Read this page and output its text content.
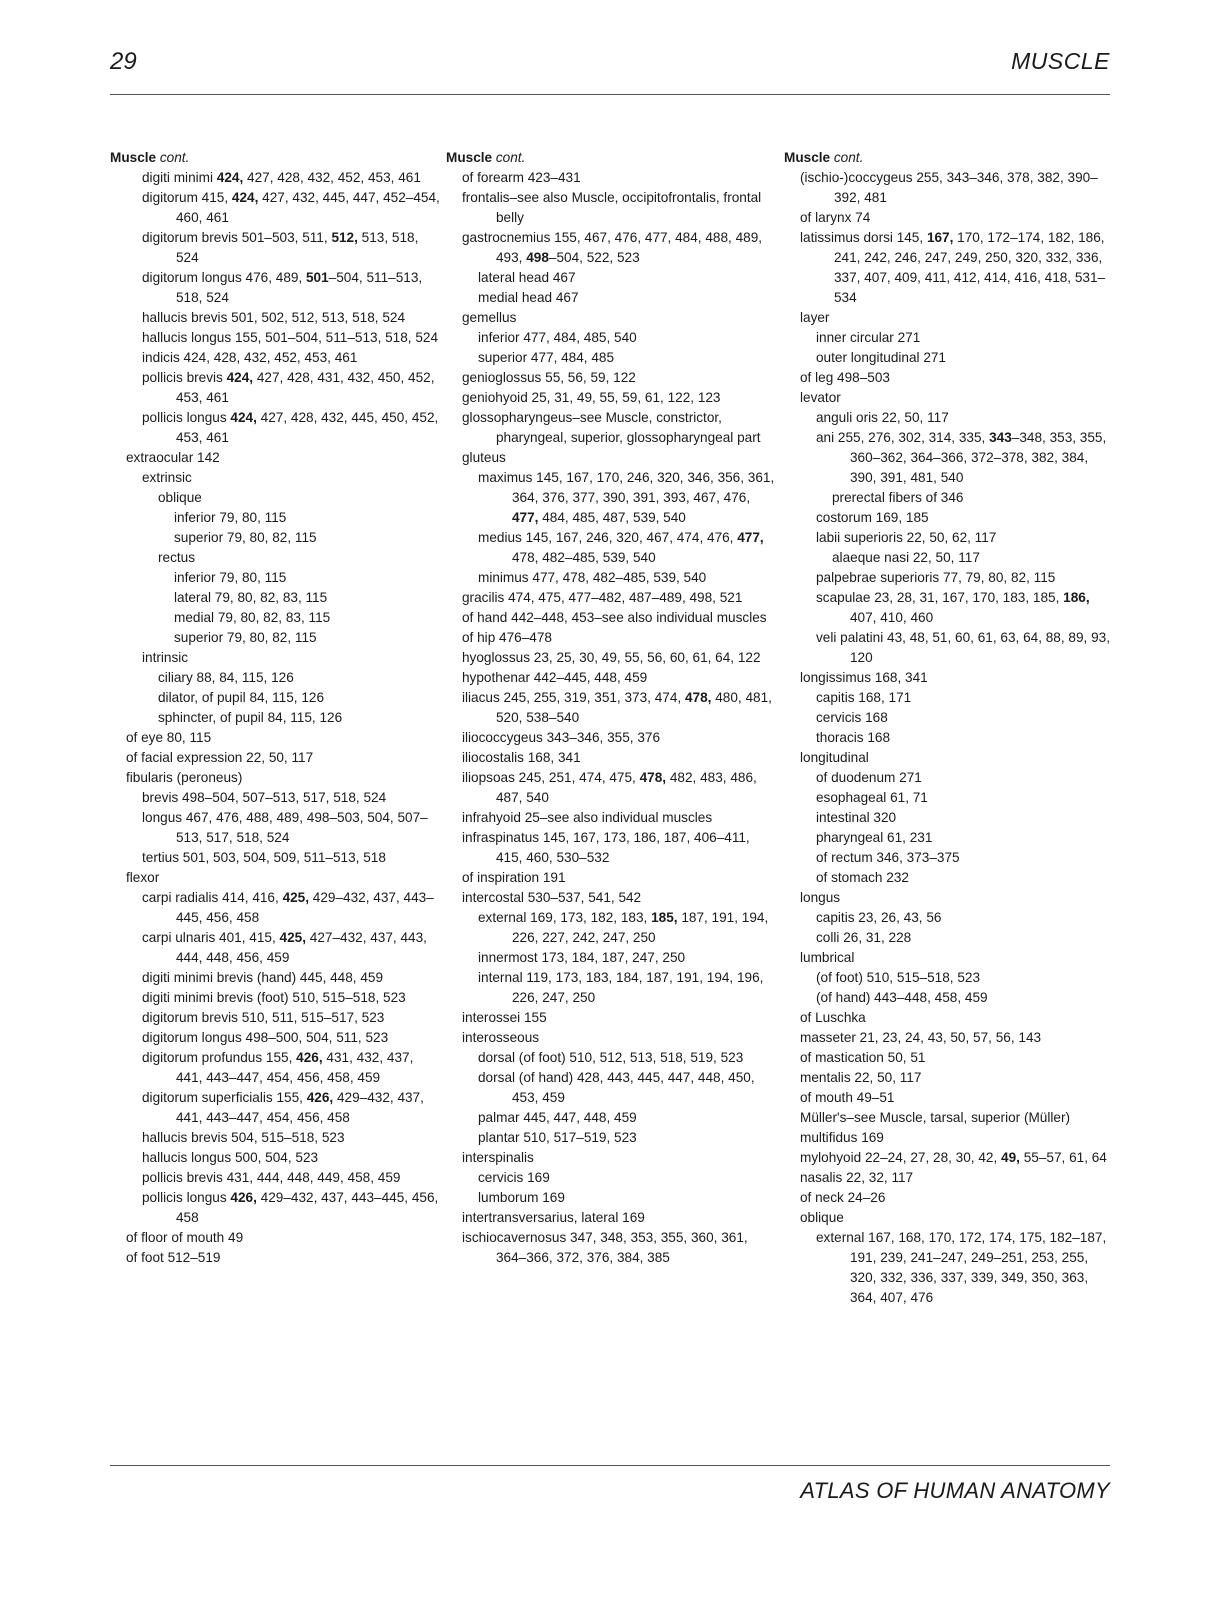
29	MUSCLE
Muscle cont.
digiti minimi 424, 427, 428, 432, 452, 453, 461
digitorum 415, 424, 427, 432, 445, 447, 452–454, 460, 461
digitorum brevis 501–503, 511, 512, 513, 518, 524
digitorum longus 476, 489, 501–504, 511–513, 518, 524
hallucis brevis 501, 502, 512, 513, 518, 524
hallucis longus 155, 501–504, 511–513, 518, 524
indicis 424, 428, 432, 452, 453, 461
pollicis brevis 424, 427, 428, 431, 432, 450, 452, 453, 461
pollicis longus 424, 427, 428, 432, 445, 450, 452, 453, 461
extraocular 142
extrinsic
oblique
inferior 79, 80, 115
superior 79, 80, 82, 115
rectus
inferior 79, 80, 115
lateral 79, 80, 82, 83, 115
medial 79, 80, 82, 83, 115
superior 79, 80, 82, 115
intrinsic
ciliary 88, 84, 115, 126
dilator, of pupil 84, 115, 126
sphincter, of pupil 84, 115, 126
of eye 80, 115
of facial expression 22, 50, 117
fibularis (peroneus)
brevis 498–504, 507–513, 517, 518, 524
longus 467, 476, 488, 489, 498–503, 504, 507–513, 517, 518, 524
tertius 501, 503, 504, 509, 511–513, 518
flexor
carpi radialis 414, 416, 425, 429–432, 437, 443–445, 456, 458
carpi ulnaris 401, 415, 425, 427–432, 437, 443, 444, 448, 456, 459
digiti minimi brevis (hand) 445, 448, 459
digiti minimi brevis (foot) 510, 515–518, 523
digitorum brevis 510, 511, 515–517, 523
digitorum longus 498–500, 504, 511, 523
digitorum profundus 155, 426, 431, 432, 437, 441, 443–447, 454, 456, 458, 459
digitorum superficialis 155, 426, 429–432, 437, 441, 443–447, 454, 456, 458
hallucis brevis 504, 515–518, 523
hallucis longus 500, 504, 523
pollicis brevis 431, 444, 448, 449, 458, 459
pollicis longus 426, 429–432, 437, 443–445, 456, 458
of floor of mouth 49
of foot 512–519
Muscle cont.
of forearm 423–431
frontalis–see also Muscle, occipitofrontalis, frontal belly
gastrocnemius 155, 467, 476, 477, 484, 488, 489, 493, 498–504, 522, 523
lateral head 467
medial head 467
gemellus
inferior 477, 484, 485, 540
superior 477, 484, 485
genioglossus 55, 56, 59, 122
geniohyoid 25, 31, 49, 55, 59, 61, 122, 123
glossopharyngeus–see Muscle, constrictor, pharyngeal, superior, glossopharyngeal part
gluteus
maximus 145, 167, 170, 246, 320, 346, 356, 361, 364, 376, 377, 390, 391, 393, 467, 476, 477, 484, 485, 487, 539, 540
medius 145, 167, 246, 320, 467, 474, 476, 477, 478, 482–485, 539, 540
minimus 477, 478, 482–485, 539, 540
gracilis 474, 475, 477–482, 487–489, 498, 521
of hand 442–448, 453–see also individual muscles
of hip 476–478
hyoglossus 23, 25, 30, 49, 55, 56, 60, 61, 64, 122
hypothenar 442–445, 448, 459
iliacus 245, 255, 319, 351, 373, 474, 478, 480, 481, 520, 538–540
iliococcygeus 343–346, 355, 376
iliocostalis 168, 341
iliopsoas 245, 251, 474, 475, 478, 482, 483, 486, 487, 540
infrahyoid 25–see also individual muscles
infraspinatus 145, 167, 173, 186, 187, 406–411, 415, 460, 530–532
of inspiration 191
intercostal 530–537, 541, 542
external 169, 173, 182, 183, 185, 187, 191, 194, 226, 227, 242, 247, 250
innermost 173, 184, 187, 247, 250
internal 119, 173, 183, 184, 187, 191, 194, 196, 226, 247, 250
interossei 155
interosseous
dorsal (of foot) 510, 512, 513, 518, 519, 523
dorsal (of hand) 428, 443, 445, 447, 448, 450, 453, 459
palmar 445, 447, 448, 459
plantar 510, 517–519, 523
interspinalis
cervicis 169
lumborum 169
intertransversarius, lateral 169
ischiocavernosus 347, 348, 353, 355, 360, 361, 364–366, 372, 376, 384, 385
Muscle cont.
(ischio-)coccygeus 255, 343–346, 378, 382, 390–392, 481
of larynx 74
latissimus dorsi 145, 167, 170, 172–174, 182, 186, 241, 242, 246, 247, 249, 250, 320, 332, 336, 337, 407, 409, 411, 412, 414, 416, 418, 531–534
layer
inner circular 271
outer longitudinal 271
of leg 498–503
levator
anguli oris 22, 50, 117
ani 255, 276, 302, 314, 335, 343–348, 353, 355, 360–362, 364–366, 372–378, 382, 384, 390, 391, 481, 540
prerectal fibers of 346
costorum 169, 185
labii superioris 22, 50, 62, 117
alaeque nasi 22, 50, 117
palpebrae superioris 77, 79, 80, 82, 115
scapulae 23, 28, 31, 167, 170, 183, 185, 186, 407, 410, 460
veli palatini 43, 48, 51, 60, 61, 63, 64, 88, 89, 93, 120
longissimus 168, 341
capitis 168, 171
cervicis 168
thoracis 168
longitudinal
of duodenum 271
esophageal 61, 71
intestinal 320
pharyngeal 61, 231
of rectum 346, 373–375
of stomach 232
longus
capitis 23, 26, 43, 56
colli 26, 31, 228
lumbrical
(of foot) 510, 515–518, 523
(of hand) 443–448, 458, 459
of Luschka
masseter 21, 23, 24, 43, 50, 57, 56, 143
of mastication 50, 51
mentalis 22, 50, 117
of mouth 49–51
Müller's–see Muscle, tarsal, superior (Müller)
multifidus 169
mylohyoid 22–24, 27, 28, 30, 42, 49, 55–57, 61, 64
nasalis 22, 32, 117
of neck 24–26
oblique
external 167, 168, 170, 172, 174, 175, 182–187, 191, 239, 241–247, 249–251, 253, 255, 320, 332, 336, 337, 339, 349, 350, 363, 364, 407, 476
ATLAS OF HUMAN ANATOMY
